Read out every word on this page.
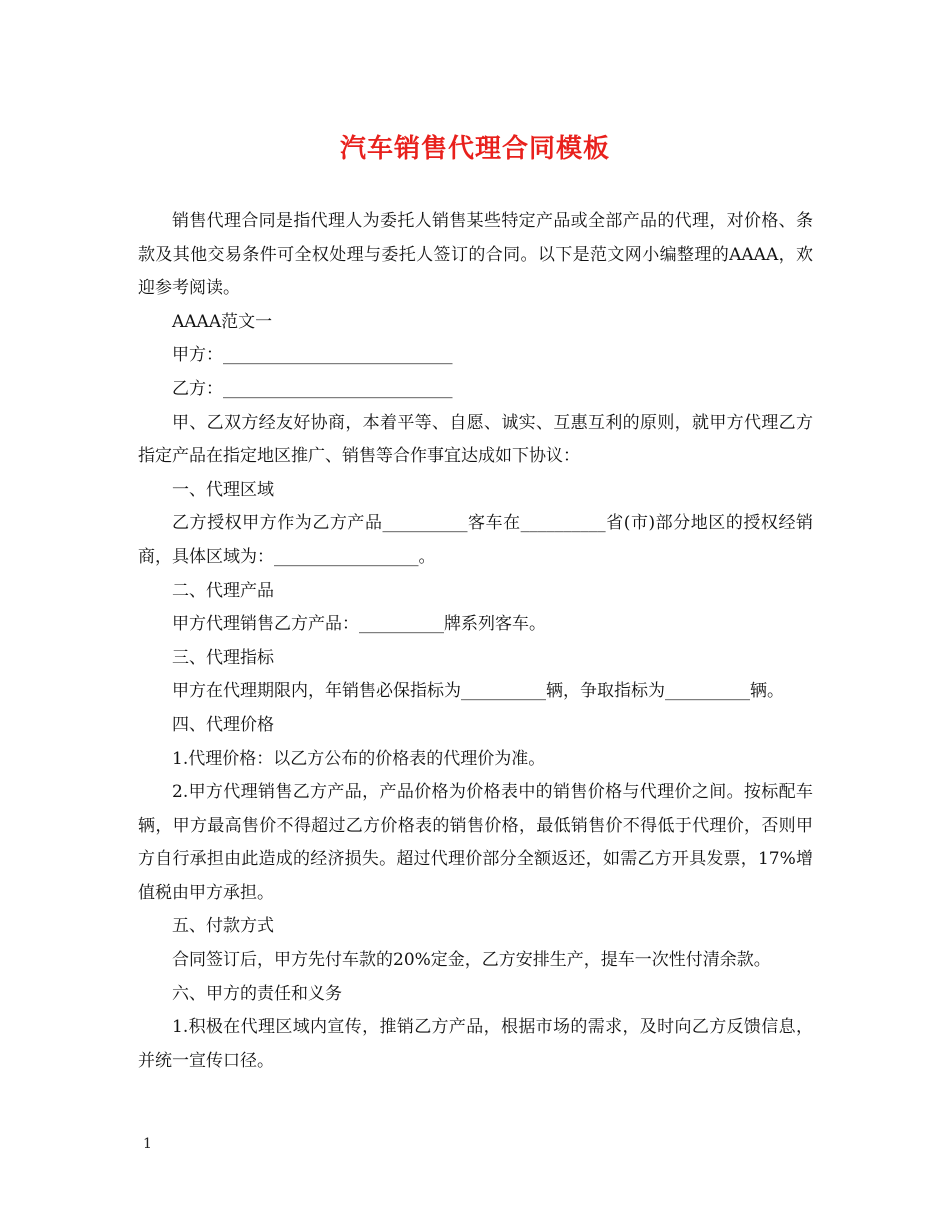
汽车销售代理合同模板

销售代理合同是指代理人为委托人销售某些特定产品或全部产品的代理，对价格、条款及其他交易条件可全权处理与委托人签订的合同。以下是范文网小编整理的AAAA，欢迎参考阅读。

AAAA范文一

甲方：___________________________

乙方：___________________________

甲、乙双方经友好协商，本着平等、自愿、诚实、互惠互利的原则，就甲方代理乙方指定产品在指定地区推广、销售等合作事宜达成如下协议：

一、代理区域

乙方授权甲方作为乙方产品__________客车在__________省(市)部分地区的授权经销商，具体区域为：_________________。

二、代理产品

甲方代理销售乙方产品：__________牌系列客车。

三、代理指标

甲方在代理期限内，年销售必保指标为__________辆，争取指标为__________辆。

四、代理价格

1.代理价格：以乙方公布的价格表的代理价为准。

2.甲方代理销售乙方产品，产品价格为价格表中的销售价格与代理价之间。按标配车辆，甲方最高售价不得超过乙方价格表的销售价格，最低销售价不得低于代理价，否则甲方自行承担由此造成的经济损失。超过代理价部分全额返还，如需乙方开具发票，17%增值税由甲方承担。

五、付款方式

合同签订后，甲方先付车款的20%定金，乙方安排生产，提车一次性付清余款。

六、甲方的责任和义务

1.积极在代理区域内宣传，推销乙方产品，根据市场的需求，及时向乙方反馈信息，并统一宣传口径。

1
